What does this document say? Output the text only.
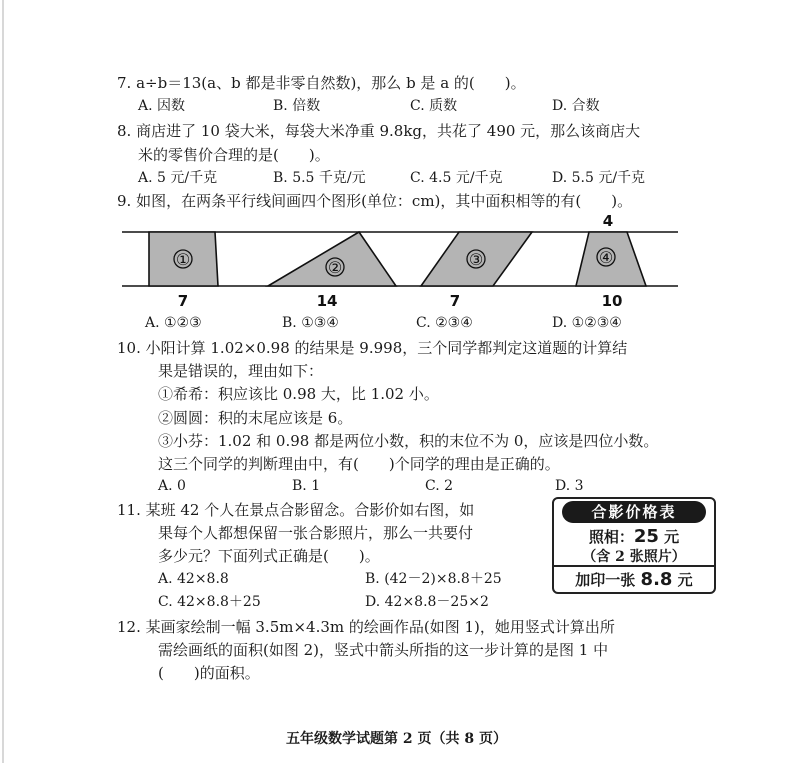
7. a÷b＝13(a、b 都是非零自然数)，那么 b 是 a 的(　　)。
A. 因数	B. 倍数	C. 质数	D. 合数
8. 商店进了 10 袋大米，每袋大米净重 9.8kg，共花了 490 元，那么该商店大
米的零售价合理的是(　　)。
A. 5 元/千克	B. 5.5 千克/元	C. 4.5 元/千克	D. 5.5 元/千克
9. 如图，在两条平行线间画四个图形(单位：cm)，其中面积相等的有(　　)。
①	②	③	④
4
7	14	7	10
A. ①②③	B. ①③④	C. ②③④	D. ①②③④
10. 小阳计算 1.02×0.98 的结果是 9.998，三个同学都判定这道题的计算结
果是错误的，理由如下：
①希希：积应该比 0.98 大，比 1.02 小。
②圆圆：积的末尾应该是 6。
③小芬：1.02 和 0.98 都是两位小数，积的末位不为 0，应该是四位小数。
这三个同学的判断理由中，有(　　)个同学的理由是正确的。
A. 0	B. 1	C. 2	D. 3
11. 某班 42 个人在景点合影留念。合影价如右图，如
果每个人都想保留一张合影照片，那么一共要付
多少元？下面列式正确是(　　)。
A. 42×8.8	B. (42－2)×8.8＋25
C. 42×8.8＋25	D. 42×8.8－25×2
合影价格表
照相：25 元
（含 2 张照片）
加印一张 8.8 元
12. 某画家绘制一幅 3.5m×4.3m 的绘画作品(如图 1)，她用竖式计算出所
需绘画纸的面积(如图 2)，竖式中箭头所指的这一步计算的是图 1 中
(　　)的面积。
五年级数学试题第 2 页（共 8 页）
